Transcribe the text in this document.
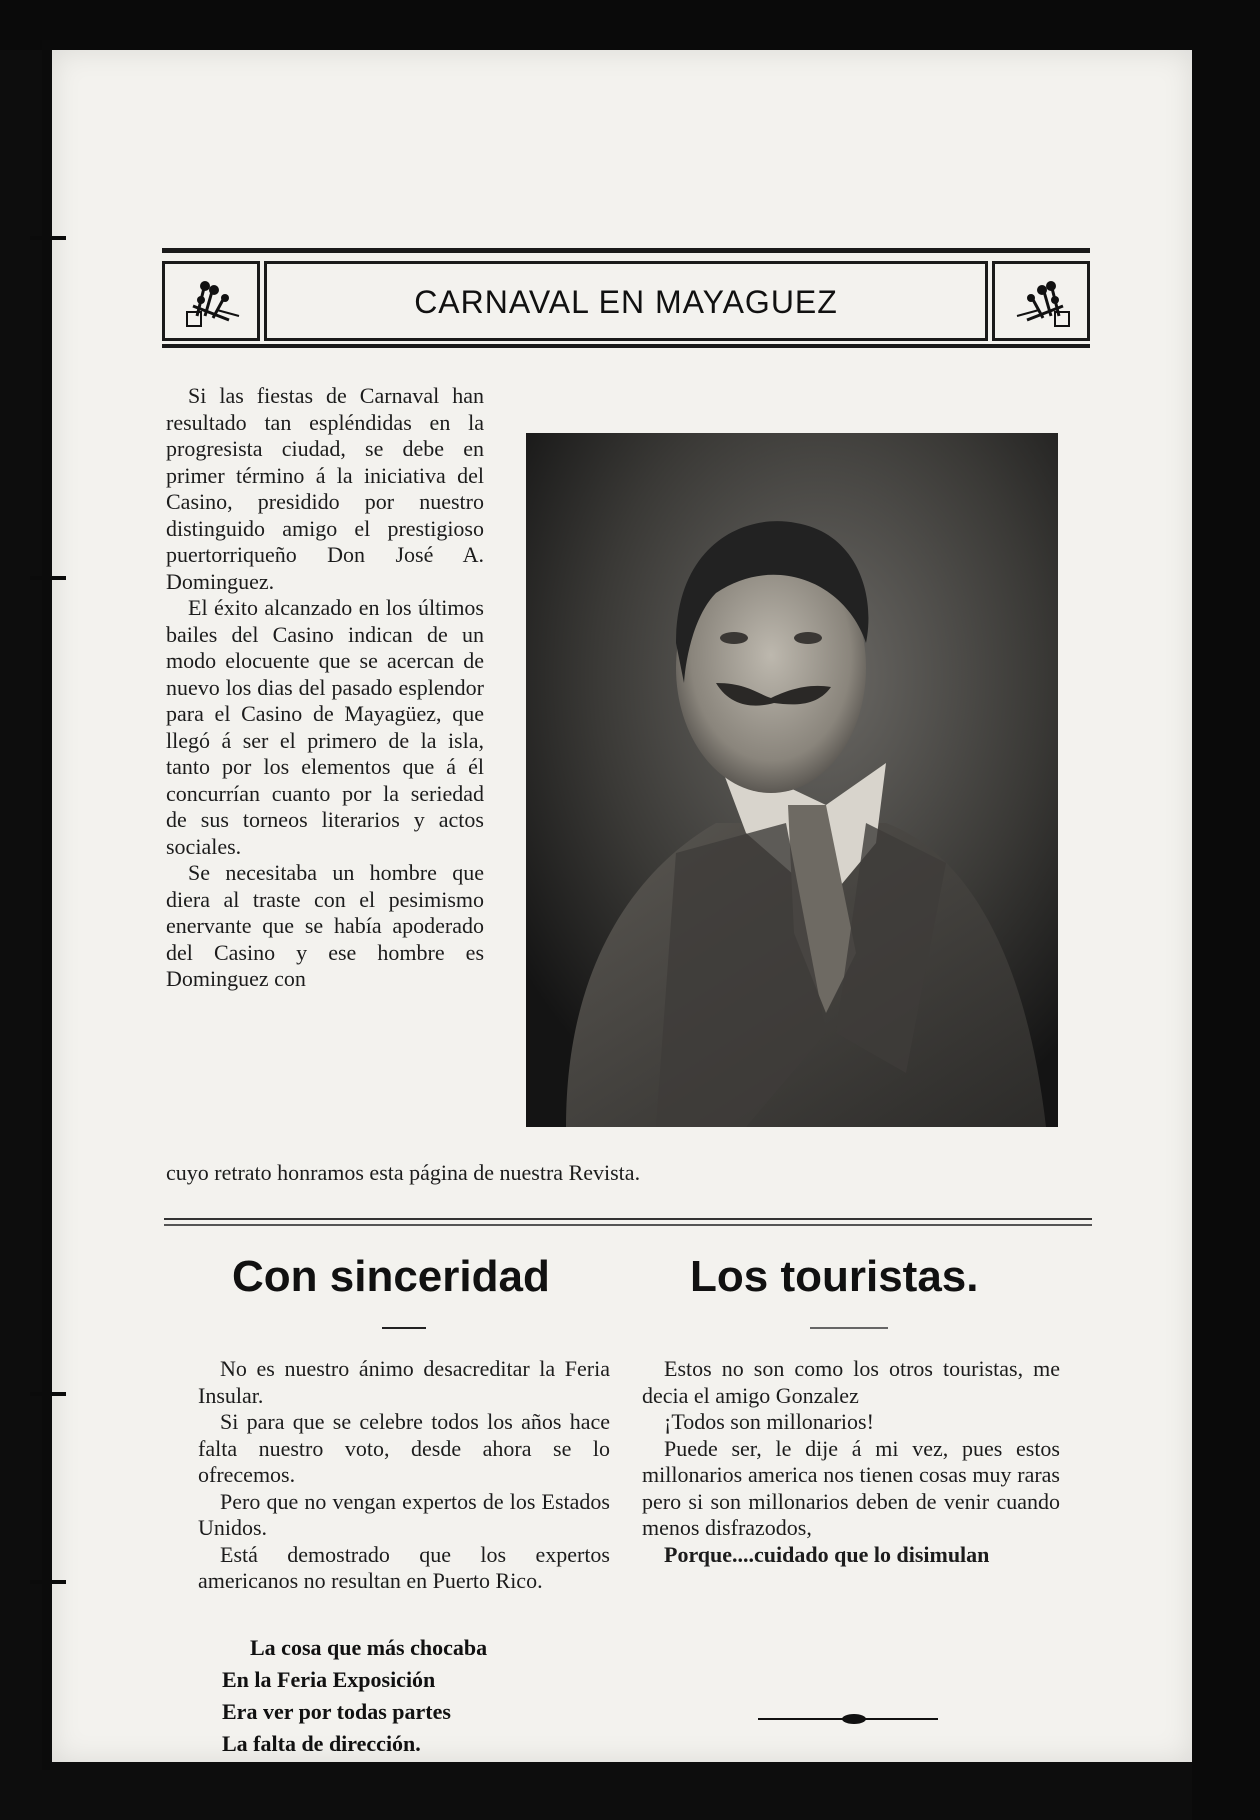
CARNAVAL EN MAYAGUEZ

Si las fiestas de Carnaval han resultado tan espléndidas en la progresista ciudad, se debe en primer término á la iniciativa del Casino, presidido por nuestro distinguido amigo el prestigioso puertorriqueño Don José A. Dominguez.

El éxito alcanzado en los últimos bailes del Casino indican de un modo elocuente que se acercan de nuevo los dias del pasado esplendor para el Casino de Mayagüez, que llegó á ser el primero de la isla, tanto por los elementos que á él concurrían cuanto por la seriedad de sus torneos literarios y actos sociales.

Se necesitaba un hombre que diera al traste con el pesimismo enervante que se había apoderado del Casino y ese hombre es Dominguez con

cuyo retrato honramos esta página de nuestra Revista.
Con sinceridad

No es nuestro ánimo desacreditar la Feria Insular.

Si para que se celebre todos los años hace falta nuestro voto, desde ahora se lo ofrecemos.

Pero que no vengan expertos de los Estados Unidos.

Está demostrado que los expertos americanos no resultan en Puerto Rico.

La cosa que más chocaba
En la Feria Exposición
Era ver por todas partes
La falta de dirección.
Los touristas.

Estos no son como los otros touristas, me decia el amigo Gonzalez

¡Todos son millonarios!

Puede ser, le dije á mi vez, pues estos millonarios america nos tienen cosas muy raras pero si son millonarios deben de venir cuando menos disfrazodos,

Porque....cuidado que lo disimulan
